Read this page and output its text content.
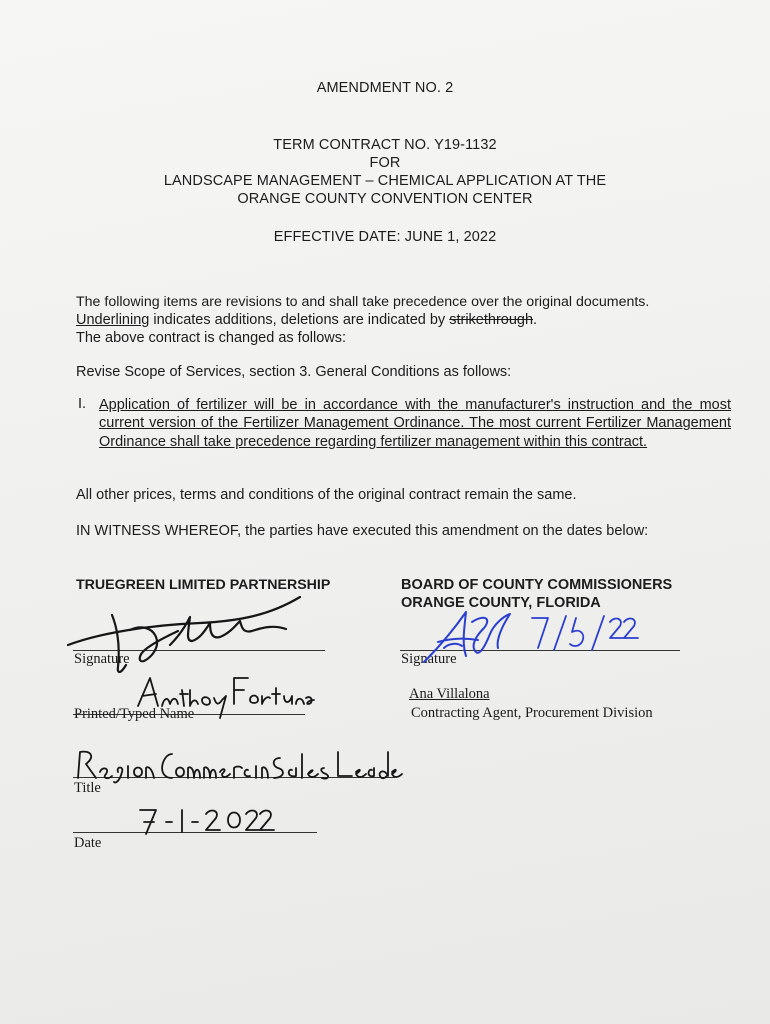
AMENDMENT NO. 2
TERM CONTRACT NO. Y19-1132
FOR
LANDSCAPE MANAGEMENT – CHEMICAL APPLICATION AT THE
ORANGE COUNTY CONVENTION CENTER
EFFECTIVE DATE: JUNE 1, 2022
The following items are revisions to and shall take precedence over the original documents.
Underlining indicates additions, deletions are indicated by strikethrough.
The above contract is changed as follows:
Revise Scope of Services, section 3. General Conditions as follows:
I. Application of fertilizer will be in accordance with the manufacturer's instruction and the most current version of the Fertilizer Management Ordinance. The most current Fertilizer Management Ordinance shall take precedence regarding fertilizer management within this contract.
All other prices, terms and conditions of the original contract remain the same.
IN WITNESS WHEREOF, the parties have executed this amendment on the dates below:
TRUEGREEN LIMITED PARTNERSHIP
Signature
Printed/Typed Name
Title
Date
BOARD OF COUNTY COMMISSIONERS
ORANGE COUNTY, FLORIDA
Signature
Ana Villalona
Contracting Agent, Procurement Division
